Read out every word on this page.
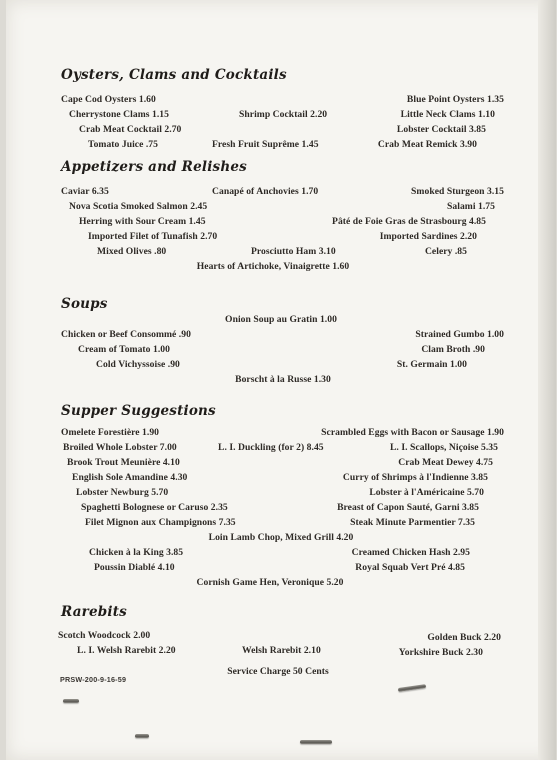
Oysters, Clams and Cocktails
Cape Cod Oysters 1.60	Blue Point Oysters 1.35
Cherrystone Clams 1.15	Shrimp Cocktail 2.20	Little Neck Clams 1.10
Crab Meat Cocktail 2.70	Lobster Cocktail 3.85
Tomato Juice .75	Fresh Fruit Suprême 1.45	Crab Meat Remick 3.90
Appetizers and Relishes
Caviar 6.35	Canapé of Anchovies 1.70	Smoked Sturgeon 3.15
Nova Scotia Smoked Salmon 2.45	Salami 1.75
Herring with Sour Cream 1.45	Pâté de Foie Gras de Strasbourg 4.85
Imported Filet of Tunafish 2.70	Imported Sardines 2.20
Mixed Olives .80	Prosciutto Ham 3.10	Celery .85
Hearts of Artichoke, Vinaigrette 1.60
Soups
Onion Soup au Gratin 1.00
Chicken or Beef Consommé .90	Strained Gumbo 1.00
Cream of Tomato 1.00	Clam Broth .90
Cold Vichyssoise .90	St. Germain 1.00
Borscht à la Russe 1.30
Supper Suggestions
Omelete Forestière 1.90	Scrambled Eggs with Bacon or Sausage 1.90
Broiled Whole Lobster 7.00	L. I. Duckling (for 2) 8.45	L. I. Scallops, Niçoise 5.35
Brook Trout Meunière 4.10	Crab Meat Dewey 4.75
English Sole Amandine 4.30	Curry of Shrimps à l'Indienne 3.85
Lobster Newburg 5.70	Lobster à l'Américaine 5.70
Spaghetti Bolognese or Caruso 2.35	Breast of Capon Sauté, Garni 3.85
Filet Mignon aux Champignons 7.35	Steak Minute Parmentier 7.35
Loin Lamb Chop, Mixed Grill 4.20
Chicken à la King 3.85	Creamed Chicken Hash 2.95
Poussin Diablé 4.10	Royal Squab Vert Pré 4.85
Cornish Game Hen, Veronique 5.20
Rarebits
Scotch Woodcock 2.00	Golden Buck 2.20
L. I. Welsh Rarebit 2.20	Welsh Rarebit 2.10	Yorkshire Buck 2.30
Service Charge 50 Cents
PRSW-200-9-16-59
